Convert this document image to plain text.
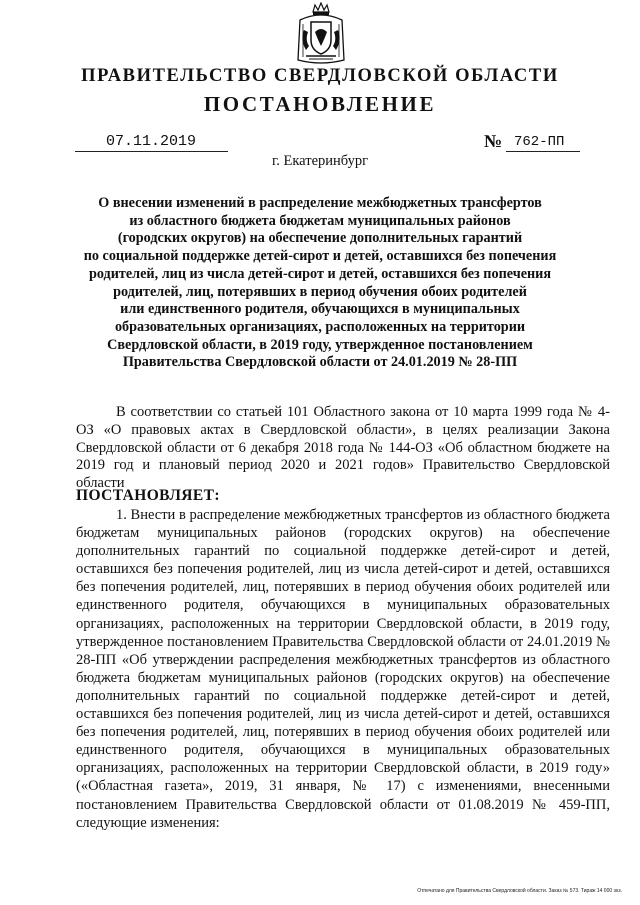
ПРАВИТЕЛЬСТВО СВЕРДЛОВСКОЙ ОБЛАСТИ
ПОСТАНОВЛЕНИЕ
07.11.2019	№ 762-ПП
г. Екатеринбург
О внесении изменений в распределение межбюджетных трансфертов
из областного бюджета бюджетам муниципальных районов
(городских округов) на обеспечение дополнительных гарантий
по социальной поддержке детей-сирот и детей, оставшихся без попечения
родителей, лиц из числа детей-сирот и детей, оставшихся без попечения
родителей, лиц, потерявших в период обучения обоих родителей
или единственного родителя, обучающихся в муниципальных
образовательных организациях, расположенных на территории
Свердловской области, в 2019 году, утвержденное постановлением
Правительства Свердловской области от 24.01.2019 № 28-ПП
В соответствии со статьей 101 Областного закона от 10 марта 1999 года № 4-ОЗ «О правовых актах в Свердловской области», в целях реализации Закона Свердловской области от 6 декабря 2018 года № 144-ОЗ «Об областном бюджете на 2019 год и плановый период 2020 и 2021 годов» Правительство Свердловской области
ПОСТАНОВЛЯЕТ:
1. Внести в распределение межбюджетных трансфертов из областного бюджета бюджетам муниципальных районов (городских округов) на обеспечение дополнительных гарантий по социальной поддержке детей-сирот и детей, оставшихся без попечения родителей, лиц из числа детей-сирот и детей, оставшихся без попечения родителей, лиц, потерявших в период обучения обоих родителей или единственного родителя, обучающихся в муниципальных образовательных организациях, расположенных на территории Свердловской области, в 2019 году, утвержденное постановлением Правительства Свердловской области от 24.01.2019 № 28-ПП «Об утверждении распределения межбюджетных трансфертов из областного бюджета бюджетам муниципальных районов (городских округов) на обеспечение дополнительных гарантий по социальной поддержке детей-сирот и детей, оставшихся без попечения родителей, лиц из числа детей-сирот и детей, оставшихся без попечения родителей, лиц, потерявших в период обучения обоих родителей или единственного родителя, обучающихся в муниципальных образовательных организациях, расположенных на территории Свердловской области, в 2019 году» («Областная газета», 2019, 31 января, № 17) с изменениями, внесенными постановлением Правительства Свердловской области от 01.08.2019 № 459-ПП, следующие изменения:
Отпечатано для Правительства Свердловской области. Заказ № 573. Тираж 14 000 экз.
